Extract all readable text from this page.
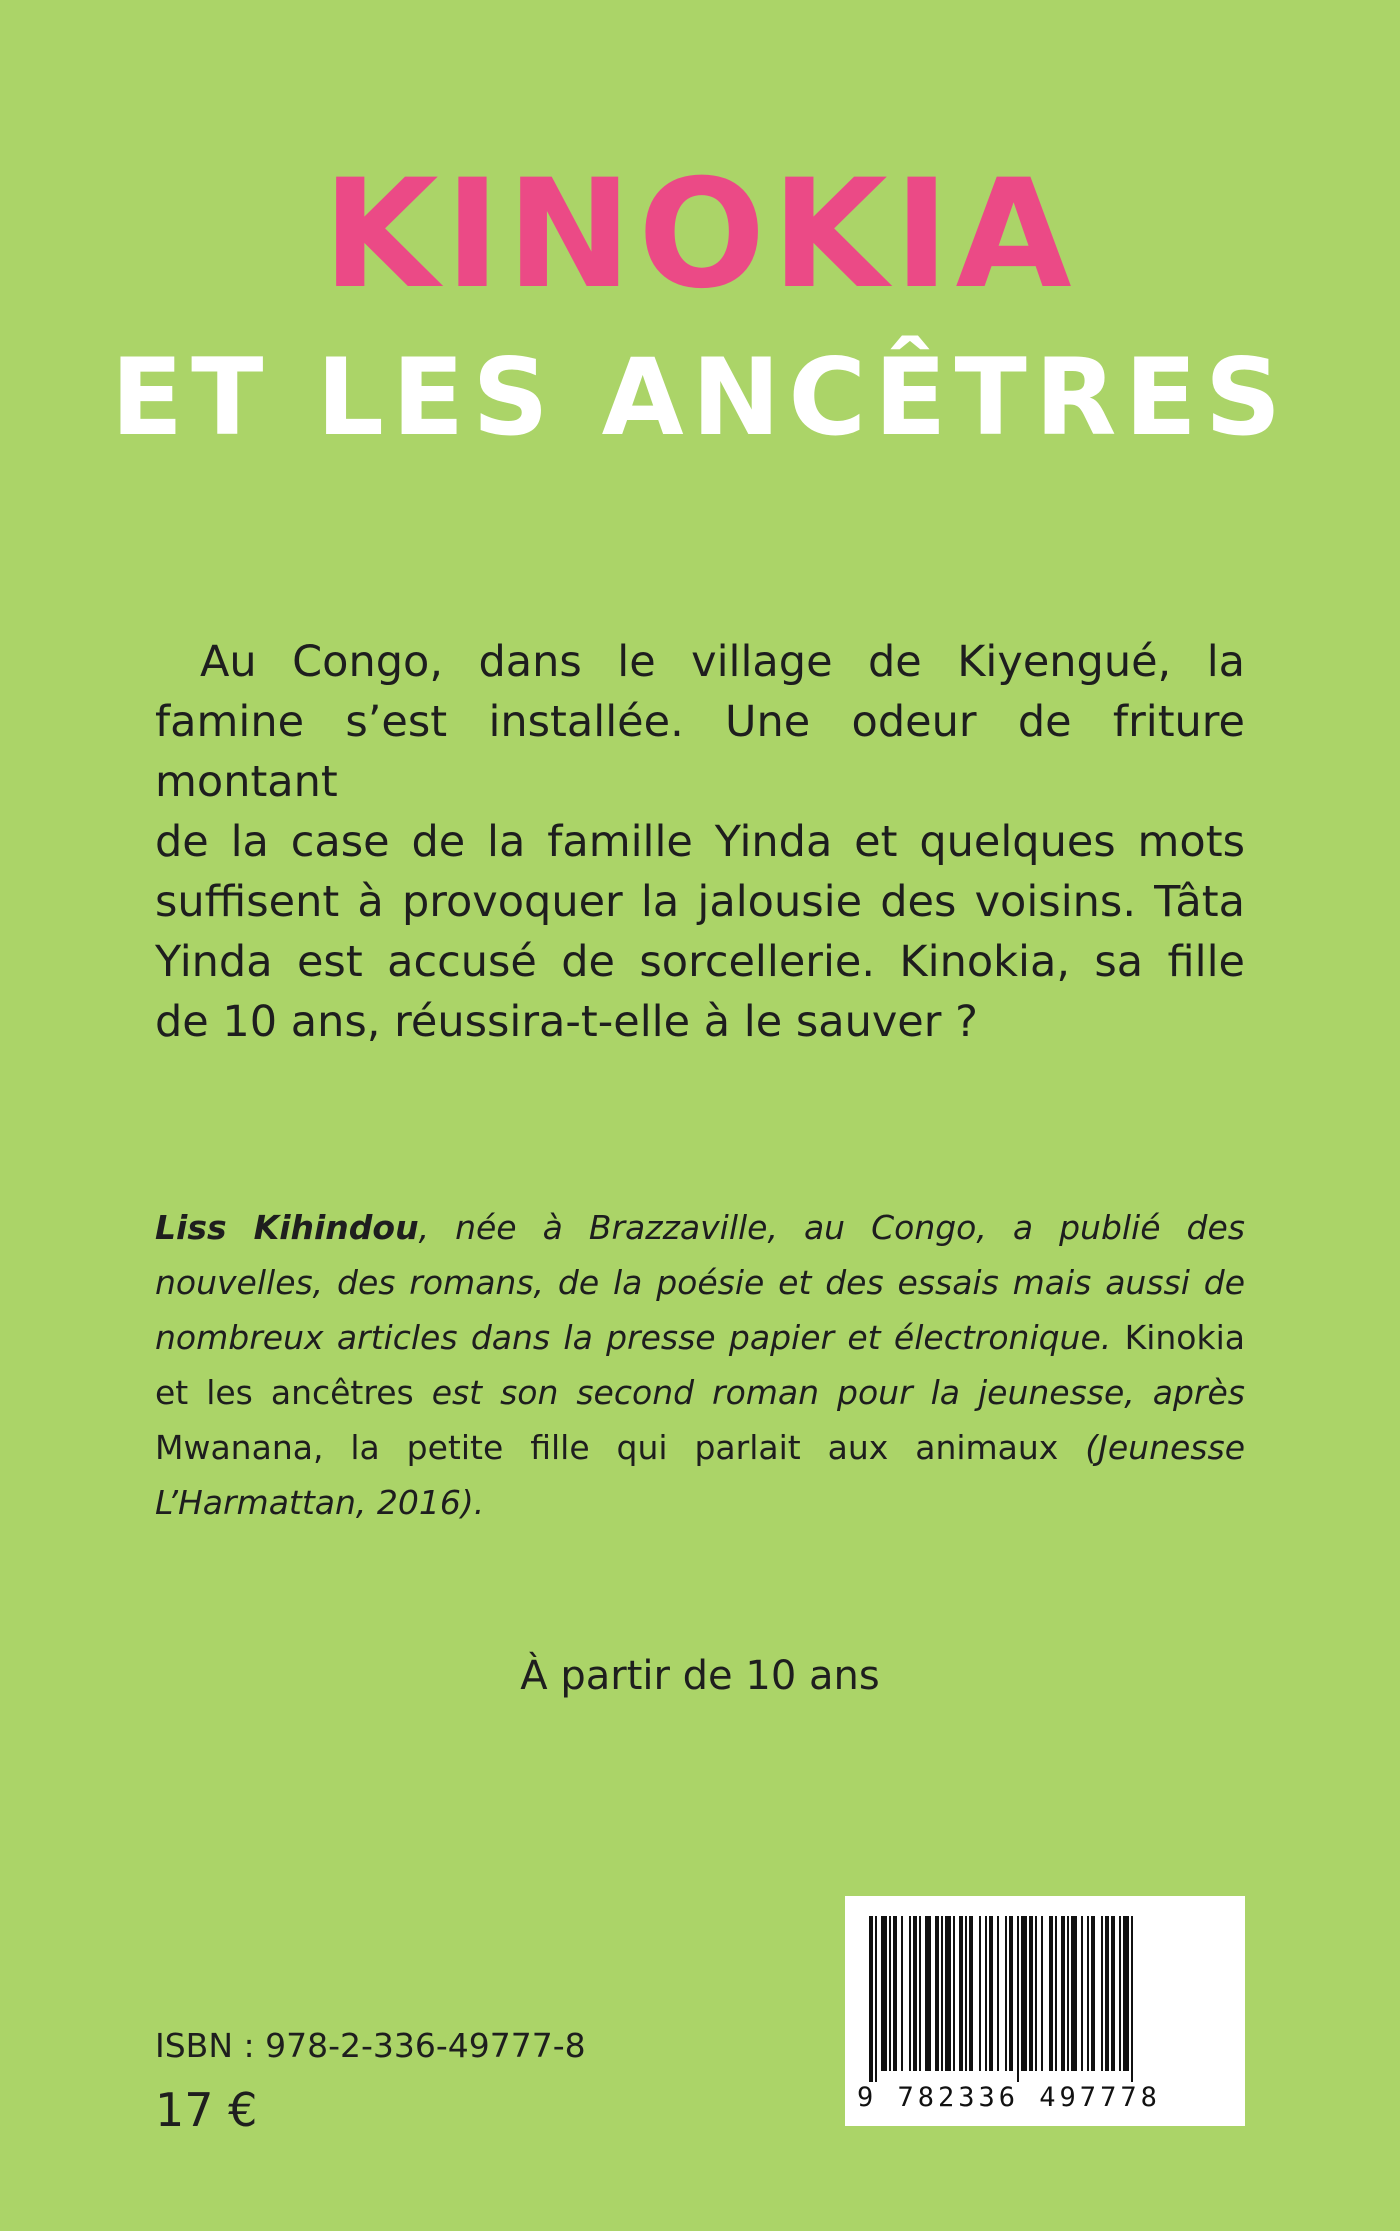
KINOKIA
ET LES ANCÊTRES
Au Congo, dans le village de Kiyengué, la
famine s’est installée. Une odeur de friture montant
de la case de la famille Yinda et quelques mots
suffisent à provoquer la jalousie des voisins. Tâta
Yinda est accusé de sorcellerie. Kinokia, sa fille
de 10 ans, réussira-t-elle à le sauver ?
Liss Kihindou, née à Brazzaville, au Congo, a publié des
nouvelles, des romans, de la poésie et des essais mais aussi de
nombreux articles dans la presse papier et électronique. Kinokia
et les ancêtres est son second roman pour la jeunesse, après
Mwanana, la petite fille qui parlait aux animaux (Jeunesse
L’Harmattan, 2016).
À partir de 10 ans
9 782336 497778
ISBN : 978-2-336-49777-8
17 €
